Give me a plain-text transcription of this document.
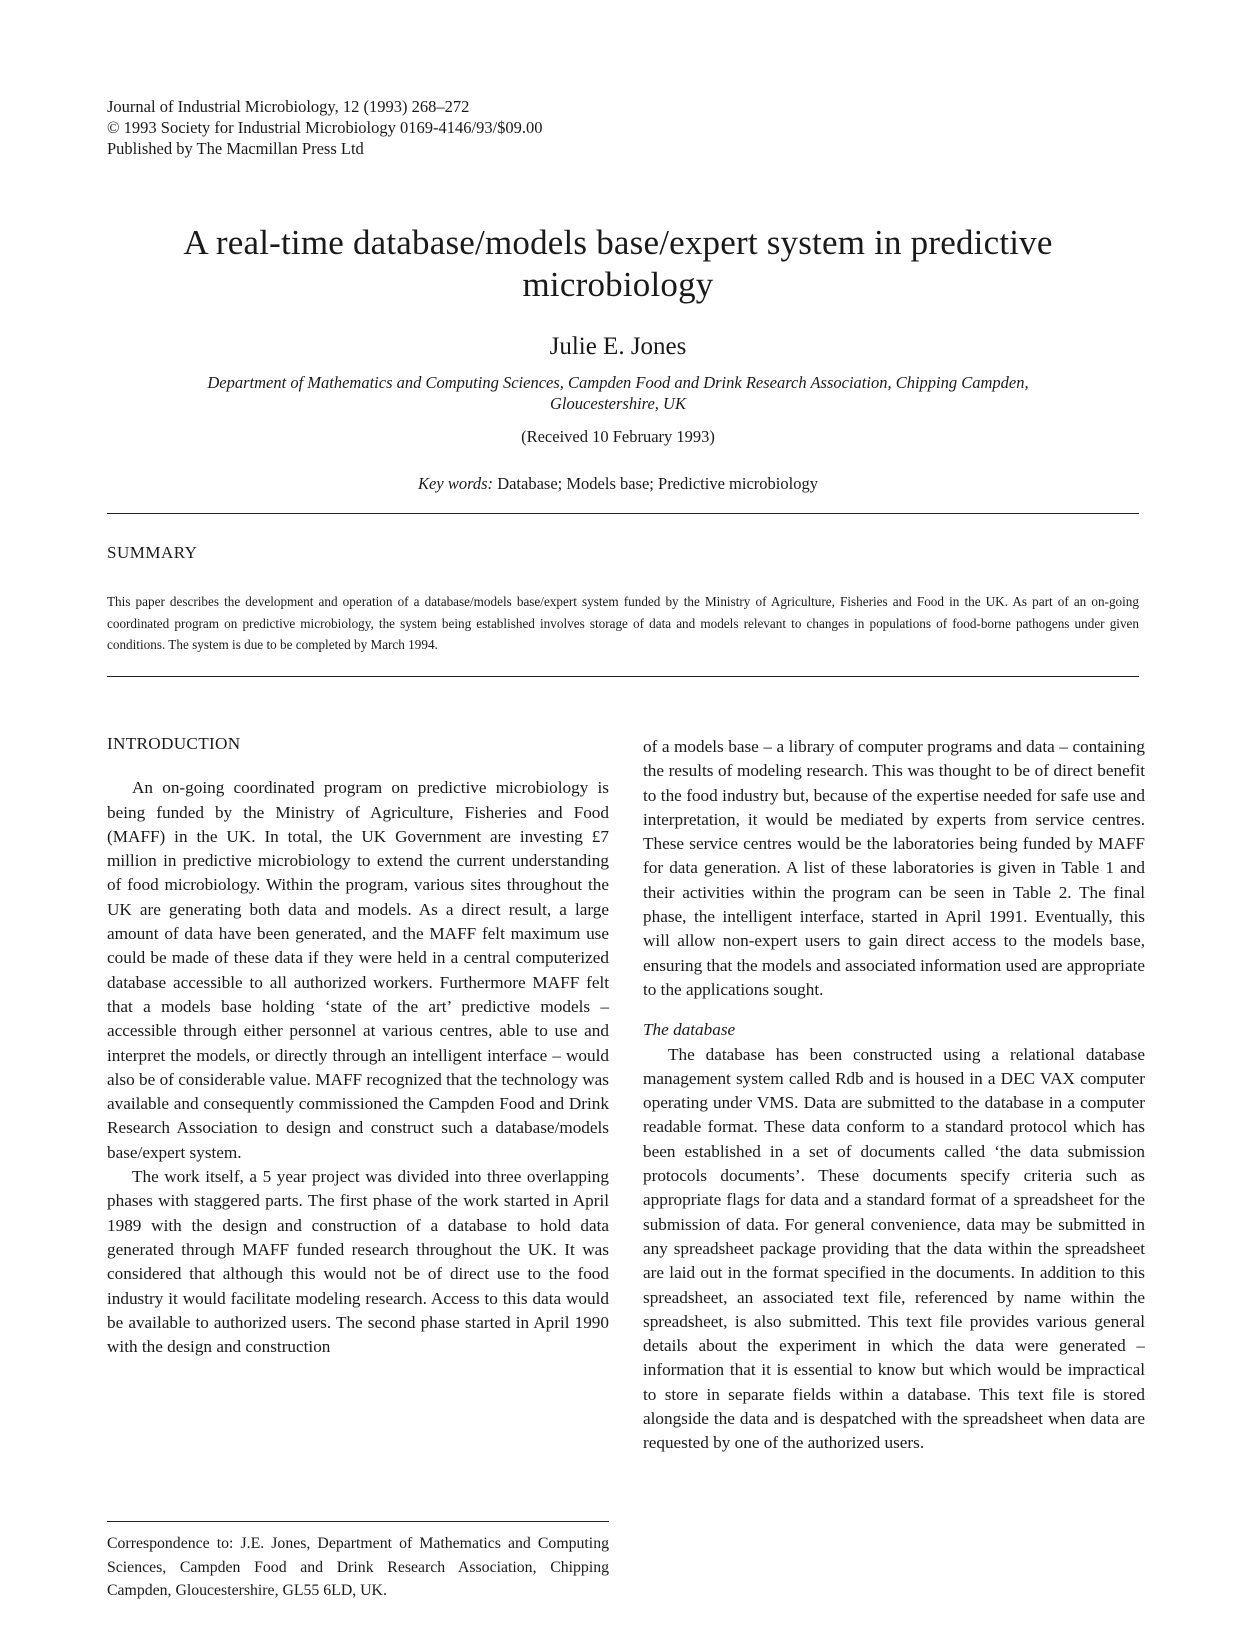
Journal of Industrial Microbiology, 12 (1993) 268–272
© 1993 Society for Industrial Microbiology 0169-4146/93/$09.00
Published by The Macmillan Press Ltd
A real-time database/models base/expert system in predictive
microbiology
Julie E. Jones
Department of Mathematics and Computing Sciences, Campden Food and Drink Research Association, Chipping Campden,
Gloucestershire, UK
(Received 10 February 1993)
Key words: Database; Models base; Predictive microbiology
SUMMARY
This paper describes the development and operation of a database/models base/expert system funded by the Ministry of Agriculture, Fisheries and Food in the UK. As part of an on-going coordinated program on predictive microbiology, the system being established involves storage of data and models relevant to changes in populations of food-borne pathogens under given conditions. The system is due to be completed by March 1994.
INTRODUCTION

An on-going coordinated program on predictive microbiology is being funded by the Ministry of Agriculture, Fisheries and Food (MAFF) in the UK. In total, the UK Government are investing £7 million in predictive microbiology to extend the current understanding of food microbiology. Within the program, various sites throughout the UK are generating both data and models. As a direct result, a large amount of data have been generated, and the MAFF felt maximum use could be made of these data if they were held in a central computerized database accessible to all authorized workers. Furthermore MAFF felt that a models base holding ‘state of the art’ predictive models – accessible through either personnel at various centres, able to use and interpret the models, or directly through an intelligent interface – would also be of considerable value. MAFF recognized that the technology was available and consequently commissioned the Campden Food and Drink Research Association to design and construct such a database/models base/expert system.

The work itself, a 5 year project was divided into three overlapping phases with staggered parts. The first phase of the work started in April 1989 with the design and construction of a database to hold data generated through MAFF funded research throughout the UK. It was considered that although this would not be of direct use to the food industry it would facilitate modeling research. Access to this data would be available to authorized users. The second phase started in April 1990 with the design and construction

of a models base – a library of computer programs and data – containing the results of modeling research. This was thought to be of direct benefit to the food industry but, because of the expertise needed for safe use and interpretation, it would be mediated by experts from service centres. These service centres would be the laboratories being funded by MAFF for data generation. A list of these laboratories is given in Table 1 and their activities within the program can be seen in Table 2. The final phase, the intelligent interface, started in April 1991. Eventually, this will allow non-expert users to gain direct access to the models base, ensuring that the models and associated information used are appropriate to the applications sought.

The database

The database has been constructed using a relational database management system called Rdb and is housed in a DEC VAX computer operating under VMS. Data are submitted to the database in a computer readable format. These data conform to a standard protocol which has been established in a set of documents called ‘the data submission protocols documents’. These documents specify criteria such as appropriate flags for data and a standard format of a spreadsheet for the submission of data. For general convenience, data may be submitted in any spreadsheet package providing that the data within the spreadsheet are laid out in the format specified in the documents. In addition to this spreadsheet, an associated text file, referenced by name within the spreadsheet, is also submitted. This text file provides various general details about the experiment in which the data were generated – information that it is essential to know but which would be impractical to store in separate fields within a database. This text file is stored alongside the data and is despatched with the spreadsheet when data are requested by one of the authorized users.

Correspondence to: J.E. Jones, Department of Mathematics and Computing Sciences, Campden Food and Drink Research Association, Chipping Campden, Gloucestershire, GL55 6LD, UK.
